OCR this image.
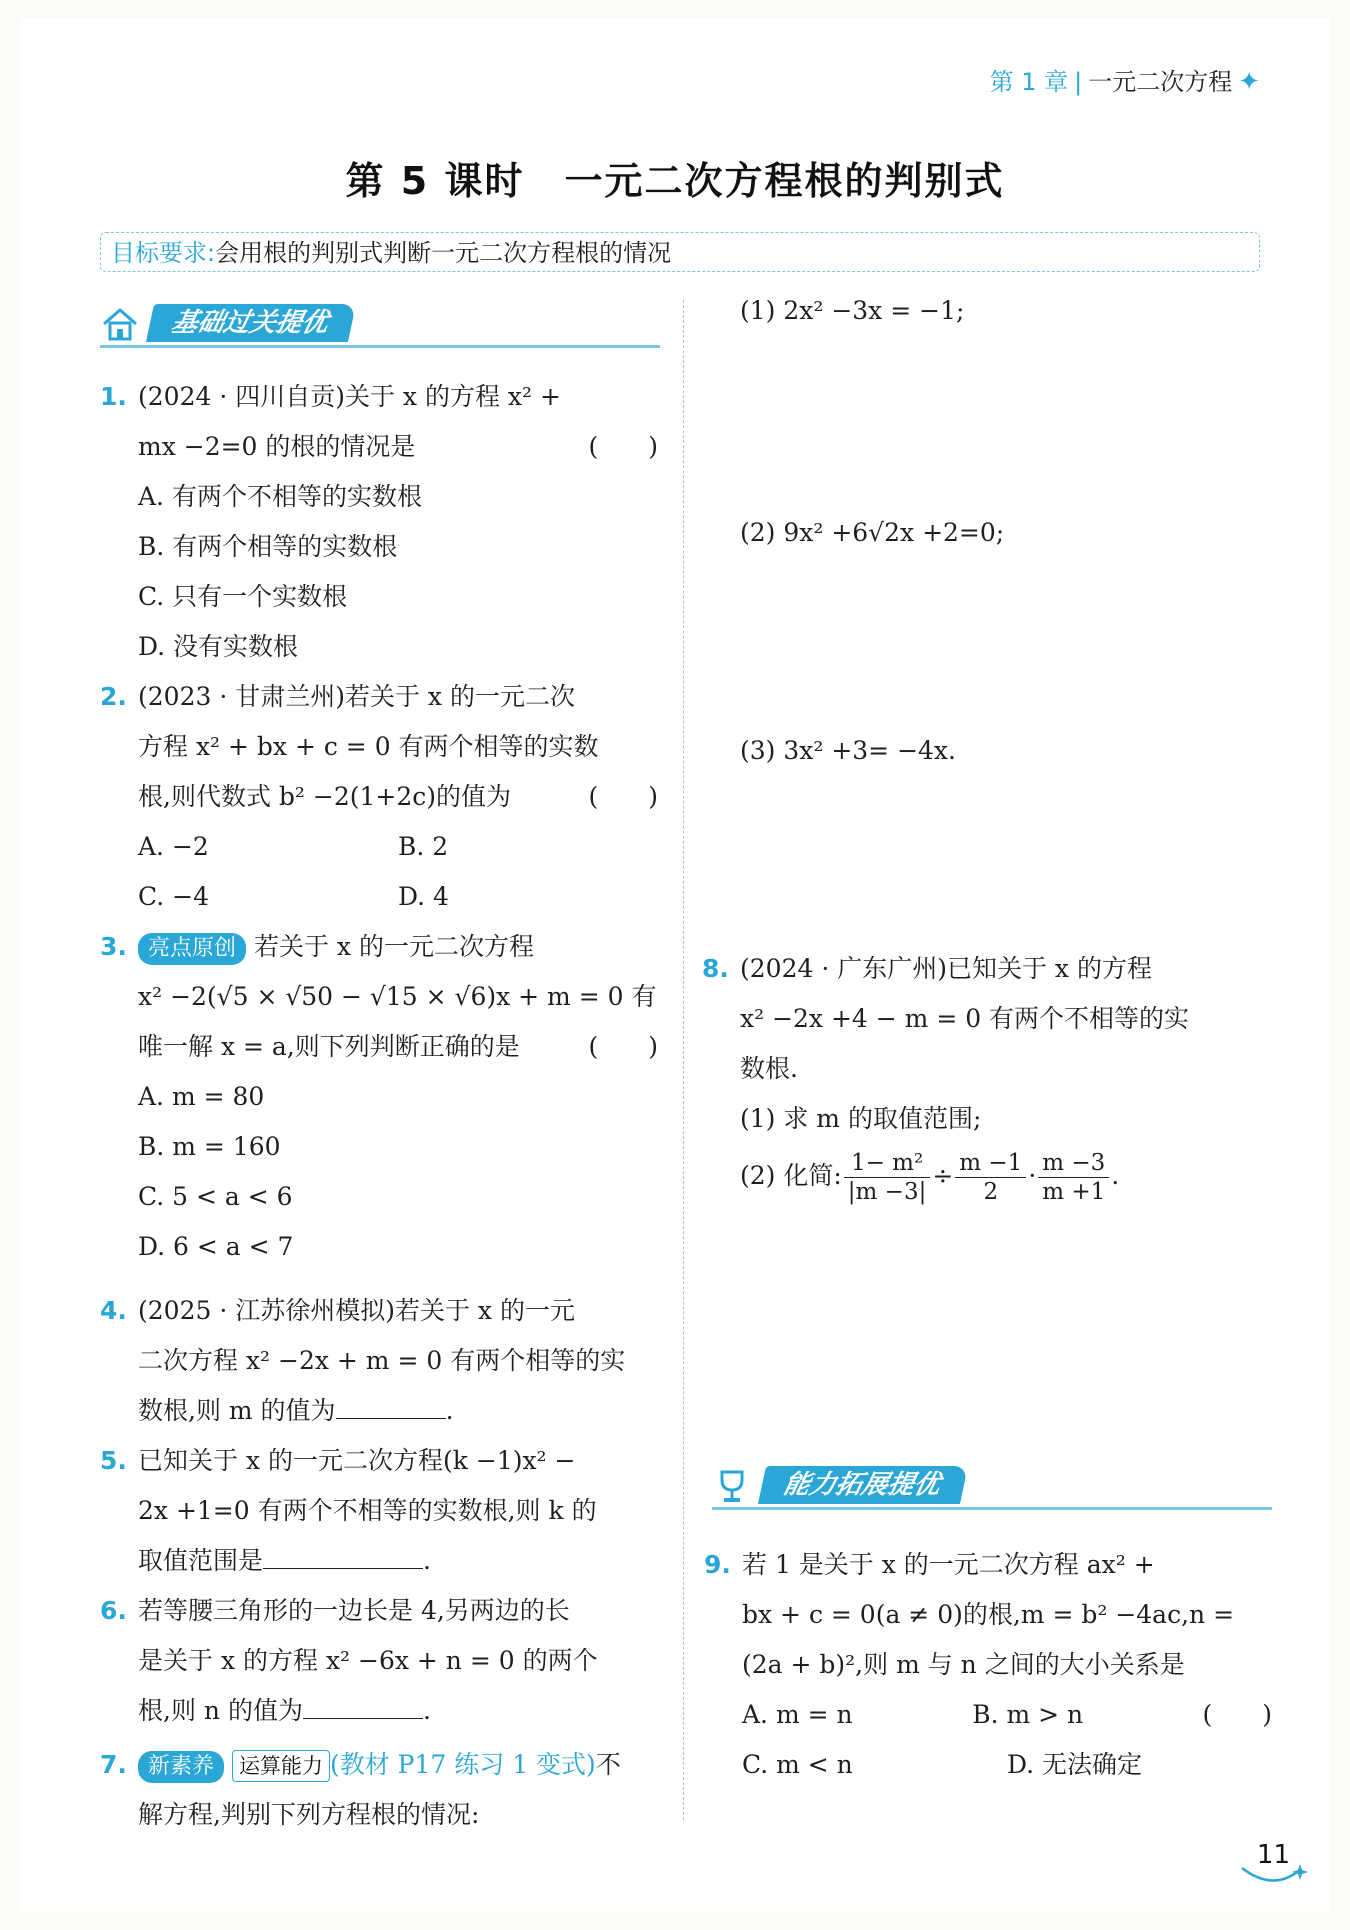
第 1 章 | 一元二次方程 ✦
第 5 课时　一元二次方程根的判别式
目标要求:会用根的判别式判断一元二次方程根的情况
基础过关提优
1. (2024 · 四川自贡)关于 x 的方程 x² +
mx −2=0 的根的情况是	(　　)
A. 有两个不相等的实数根
B. 有两个相等的实数根
C. 只有一个实数根
D. 没有实数根
2. (2023 · 甘肃兰州)若关于 x 的一元二次
方程 x² + bx + c = 0 有两个相等的实数
根,则代数式 b² −2(1+2c)的值为	(　　)
A. −2	B. 2
C. −4	D. 4
3. 亮点原创 若关于 x 的一元二次方程
x² −2(√5 × √50 − √15 × √6)x + m = 0 有
唯一解 x = a,则下列判断正确的是	(　　)
A. m = 80
B. m = 160
C. 5 < a < 6
D. 6 < a < 7
4. (2025 · 江苏徐州模拟)若关于 x 的一元
二次方程 x² −2x + m = 0 有两个相等的实
数根,则 m 的值为	.
5. 已知关于 x 的一元二次方程(k −1)x² −
2x +1=0 有两个不相等的实数根,则 k 的
取值范围是	.
6. 若等腰三角形的一边长是 4,另两边的长
是关于 x 的方程 x² −6x + n = 0 的两个
根,则 n 的值为	.
7. 新素养 运算能力 (教材 P17 练习 1 变式)不
解方程,判别下列方程根的情况:
(1) 2x² −3x = −1;
(2) 9x² +6√2x +2=0;
(3) 3x² +3= −4x.
8. (2024 · 广东广州)已知关于 x 的方程
x² −2x +4 − m = 0 有两个不相等的实
数根.
(1) 求 m 的取值范围;
(2) 化简: $\frac{\text{1− m²}}{|m -3|} \div \frac{m -1}{2} \cdot \frac{m -3}{m +1}$ .
能力拓展提优
9. 若 1 是关于 x 的一元二次方程 ax² +
bx + c = 0(a ≠ 0)的根,m = b² −4ac,n =
(2a + b)²,则 m 与 n 之间的大小关系是
(　　)
A. m = n	B. m > n
C. m < n	D. 无法确定
11
